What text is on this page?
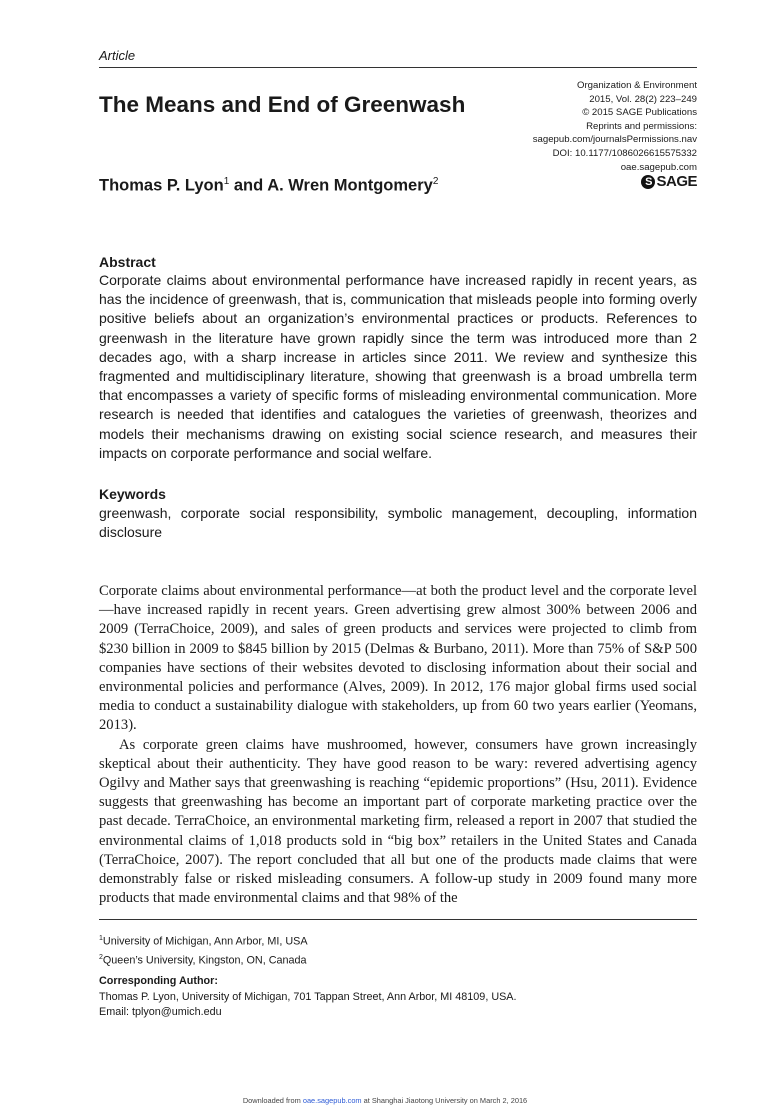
Article
Organization & Environment
2015, Vol. 28(2) 223–249
© 2015 SAGE Publications
Reprints and permissions:
sagepub.com/journalsPermissions.nav
DOI: 10.1177/1086026615575332
oae.sagepub.com
S SAGE
The Means and End of Greenwash
Thomas P. Lyon$^1$ and A. Wren Montgomery$^2$
Abstract

Corporate claims about environmental performance have increased rapidly in recent years, as has the incidence of greenwash, that is, communication that misleads people into forming overly positive beliefs about an organization’s environmental practices or products. References to greenwash in the literature have grown rapidly since the term was introduced more than 2 decades ago, with a sharp increase in articles since 2011. We review and synthesize this fragmented and multidisciplinary literature, showing that greenwash is a broad umbrella term that encompasses a variety of specific forms of misleading environmental communication. More research is needed that identifies and catalogues the varieties of greenwash, theorizes and models their mechanisms drawing on existing social science research, and measures their impacts on corporate performance and social welfare.

Keywords

greenwash, corporate social responsibility, symbolic management, decoupling, information disclosure

Corporate claims about environmental performance—at both the product level and the corporate level—have increased rapidly in recent years. Green advertising grew almost 300% between 2006 and 2009 (TerraChoice, 2009), and sales of green products and services were projected to climb from $230 billion in 2009 to $845 billion by 2015 (Delmas & Burbano, 2011). More than 75% of S&P 500 companies have sections of their websites devoted to disclosing information about their social and environmental policies and performance (Alves, 2009). In 2012, 176 major global firms used social media to conduct a sustainability dialogue with stakeholders, up from 60 two years earlier (Yeomans, 2013).

As corporate green claims have mushroomed, however, consumers have grown increasingly skeptical about their authenticity. They have good reason to be wary: revered advertising agency Ogilvy and Mather says that greenwashing is reaching “epidemic proportions” (Hsu, 2011). Evidence suggests that greenwashing has become an important part of corporate marketing practice over the past decade. TerraChoice, an environmental marketing firm, released a report in 2007 that studied the environmental claims of 1,018 products sold in “big box” retailers in the United States and Canada (TerraChoice, 2007). The report concluded that all but one of the products made claims that were demonstrably false or risked misleading consumers. A follow-up study in 2009 found many more products that made environmental claims and that 98% of the

$^1$University of Michigan, Ann Arbor, MI, USA
$^2$Queen’s University, Kingston, ON, Canada
Corresponding Author:
Thomas P. Lyon, University of Michigan, 701 Tappan Street, Ann Arbor, MI 48109, USA.
Email: tplyon@umich.edu
Downloaded from oae.sagepub.com at Shanghai Jiaotong University on March 2, 2016
